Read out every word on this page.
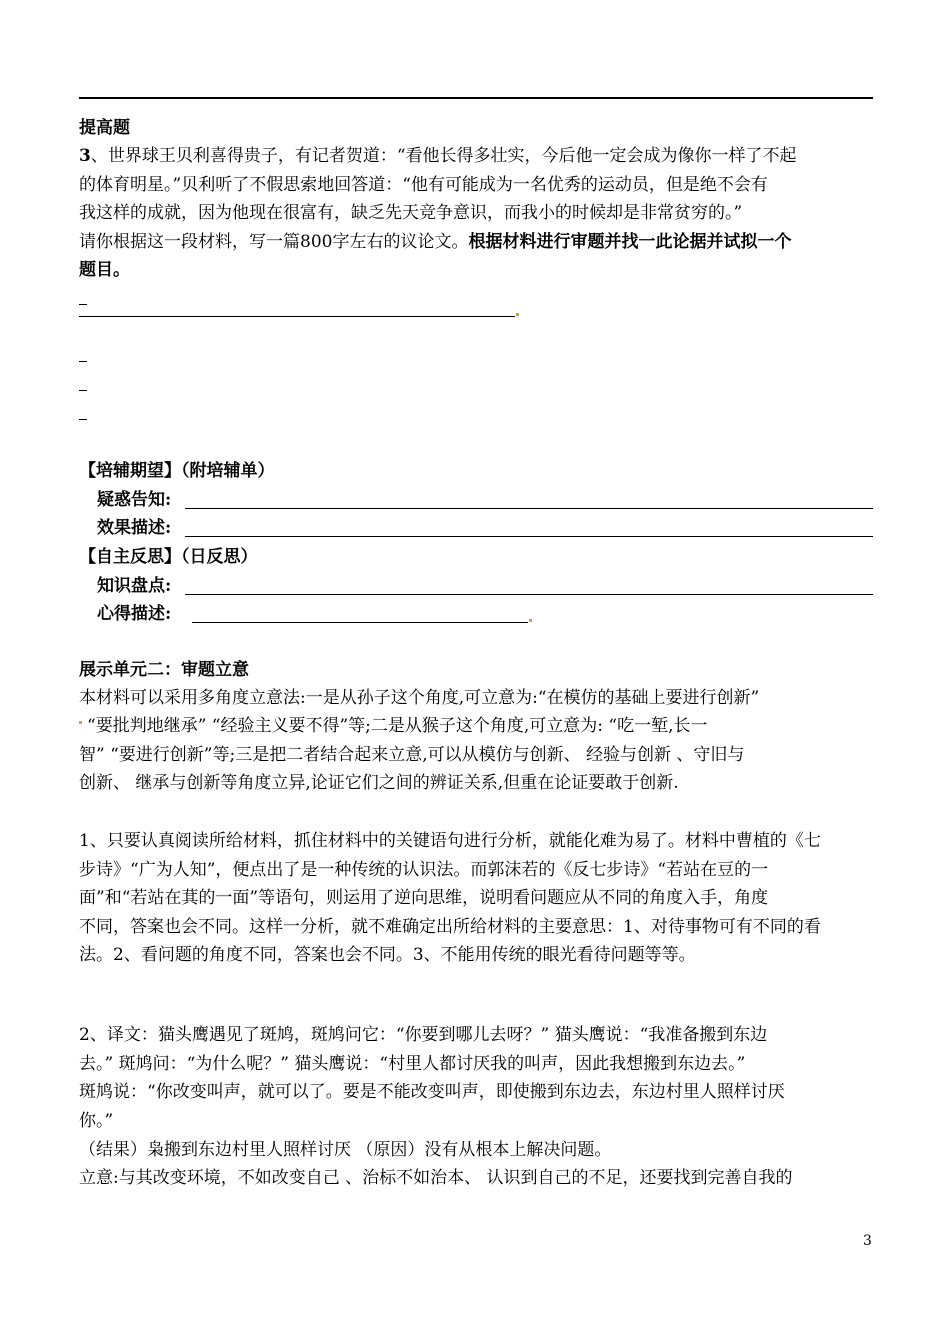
提高题
3、世界球王贝利喜得贵子，有记者贺道：“看他长得多壮实，今后他一定会成为像你一样了不起
的体育明星。”贝利听了不假思索地回答道：“他有可能成为一名优秀的运动员，但是绝不会有
我这样的成就，因为他现在很富有，缺乏先天竞争意识，而我小的时候却是非常贫穷的。”
请你根据这一段材料，写一篇800字左右的议论文。根据材料进行审题并找一此论据并试拟一个
题目。
【培辅期望】（附培辅单）
疑惑告知:
效果描述:
【自主反思】（日反思）
知识盘点:
心得描述:
展示单元二：审题立意
本材料可以采用多角度立意法:一是从孙子这个角度,可立意为:“在模仿的基础上要进行创新”
“要批判地继承” “经验主义要不得”等;二是从猴子这个角度,可立意为: “吃一堑,长一
智” “要进行创新”等;三是把二者结合起来立意,可以从模仿与创新、 经验与创新 、守旧与
创新、 继承与创新等角度立异,论证它们之间的辨证关系,但重在论证要敢于创新.
1、只要认真阅读所给材料，抓住材料中的关键语句进行分析，就能化难为易了。材料中曹植的《七
步诗》“广为人知”，便点出了是一种传统的认识法。而郭沫若的《反七步诗》“若站在豆的一
面”和“若站在萁的一面”等语句，则运用了逆向思维，说明看问题应从不同的角度入手，角度
不同，答案也会不同。这样一分析，就不难确定出所给材料的主要意思：1、对待事物可有不同的看
法。2、看问题的角度不同，答案也会不同。3、不能用传统的眼光看待问题等等。
2、译文：猫头鹰遇见了斑鸠，斑鸠问它：“你要到哪儿去呀？” 猫头鹰说：“我准备搬到东边
去。” 斑鸠问：“为什么呢？” 猫头鹰说：“村里人都讨厌我的叫声，因此我想搬到东边去。”
斑鸠说：“你改变叫声，就可以了。要是不能改变叫声，即使搬到东边去，东边村里人照样讨厌
你。”
（结果）枭搬到东边村里人照样讨厌 （原因）没有从根本上解决问题。
立意:与其改变环境，不如改变自己 、治标不如治本、 认识到自己的不足，还要找到完善自我的
3
